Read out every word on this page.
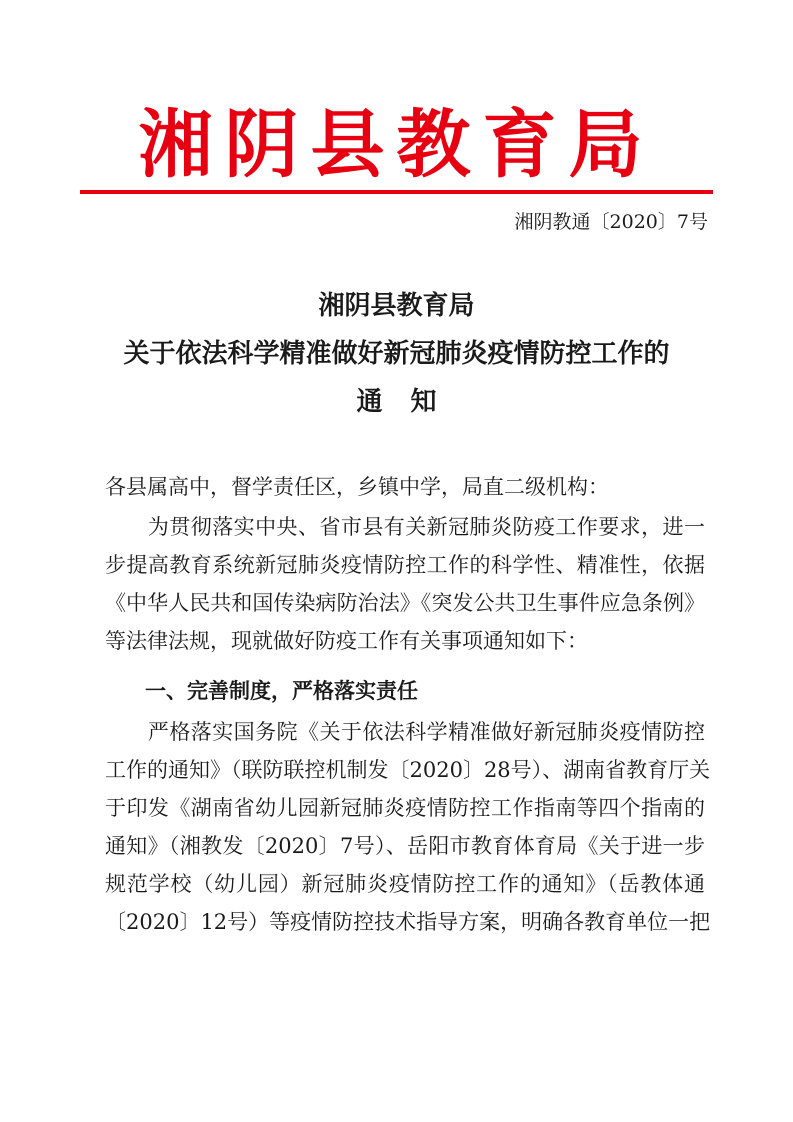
湘阴县教育局
湘阴教通〔2020〕7号
湘阴县教育局
关于依法科学精准做好新冠肺炎疫情防控工作的
通知
各县属高中，督学责任区，乡镇中学，局直二级机构：
　　为贯彻落实中央、省市县有关新冠肺炎防疫工作要求，进一
步提高教育系统新冠肺炎疫情防控工作的科学性、精准性，依据
《中华人民共和国传染病防治法》《突发公共卫生事件应急条例》
等法律法规，现就做好防疫工作有关事项通知如下：
一、完善制度，严格落实责任
　　严格落实国务院《关于依法科学精准做好新冠肺炎疫情防控
工作的通知》（联防联控机制发〔2020〕28号）、湖南省教育厅关
于印发《湖南省幼儿园新冠肺炎疫情防控工作指南等四个指南的
通知》（湘教发〔2020〕7号）、岳阳市教育体育局《关于进一步
规范学校（幼儿园）新冠肺炎疫情防控工作的通知》（岳教体通
〔2020〕12号）等疫情防控技术指导方案，明确各教育单位一把
